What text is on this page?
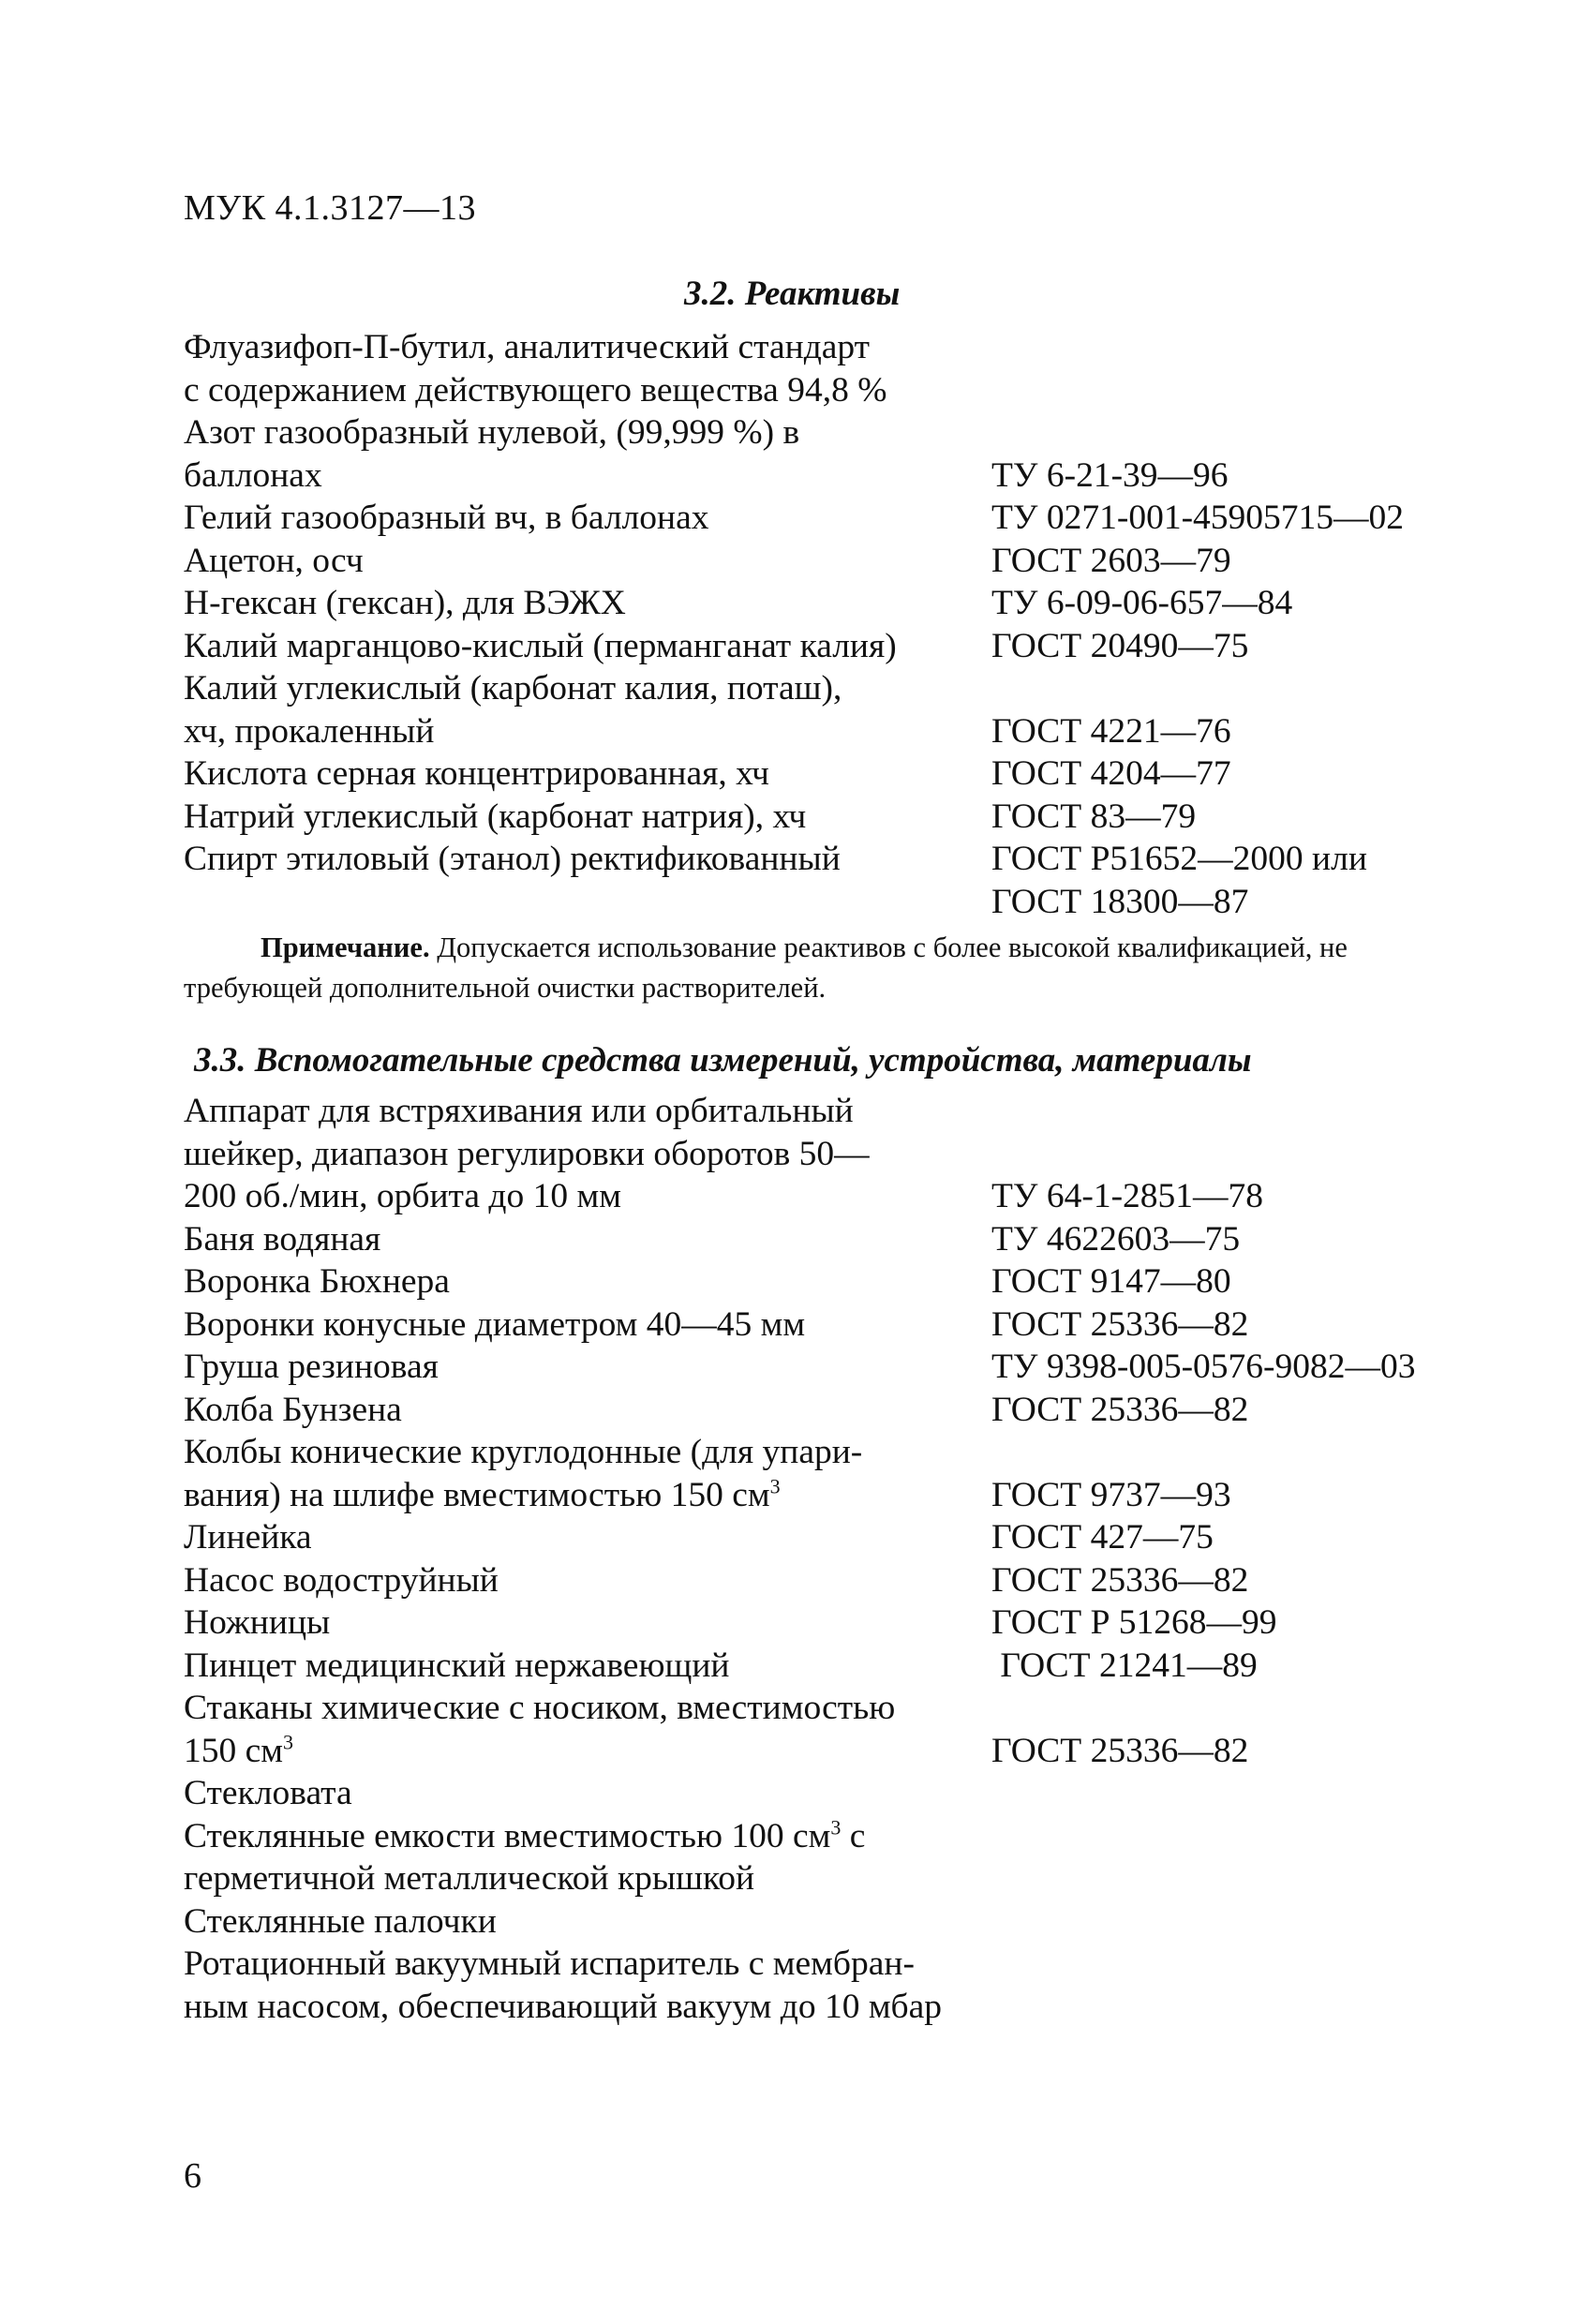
МУК 4.1.3127—13
3.2. Реактивы
Флуазифоп-П-бутил, аналитический стандарт
с содержанием действующего вещества 94,8 %
Азот газообразный нулевой, (99,999 %) в
баллонах	ТУ 6-21-39—96
Гелий газообразный вч, в баллонах	ТУ 0271-001-45905715—02
Ацетон, осч	ГОСТ 2603—79
Н-гексан (гексан), для ВЭЖХ	ТУ 6-09-06-657—84
Калий марганцово-кислый (перманганат калия)	ГОСТ 20490—75
Калий углекислый (карбонат калия, поташ),
хч, прокаленный	ГОСТ 4221—76
Кислота серная концентрированная, хч	ГОСТ 4204—77
Натрий углекислый (карбонат натрия), хч	ГОСТ 83—79
Спирт этиловый (этанол) ректификованный	ГОСТ Р51652—2000 или
ГОСТ 18300—87

Примечание. Допускается использование реактивов с более высокой квалификацией, не требующей дополнительной очистки растворителей.

3.3. Вспомогательные средства измерений, устройства, материалы
Аппарат для встряхивания или орбитальный
шейкер, диапазон регулировки оборотов 50—
200 об./мин, орбита до 10 мм	ТУ 64-1-2851—78
Баня водяная	ТУ 4622603—75
Воронка Бюхнера	ГОСТ 9147—80
Воронки конусные диаметром 40—45 мм	ГОСТ 25336—82
Груша резиновая	ТУ 9398-005-0576-9082—03
Колба Бунзена	ГОСТ 25336—82
Колбы конические круглодонные (для упари-
вания) на шлифе вместимостью 150 $см^3$	ГОСТ 9737—93
Линейка	ГОСТ 427—75
Насос водоструйный	ГОСТ 25336—82
Ножницы	ГОСТ Р 51268—99
Пинцет медицинский нержавеющий	ГОСТ 21241—89
Стаканы химические с носиком, вместимостью
150 $см^3$	ГОСТ 25336—82
Стекловата
Стеклянные емкости вместимостью 100 $см^3$ с
герметичной металлической крышкой
Стеклянные палочки
Ротационный вакуумный испаритель с мембран-
ным насосом, обеспечивающий вакуум до 10 мбар
6
